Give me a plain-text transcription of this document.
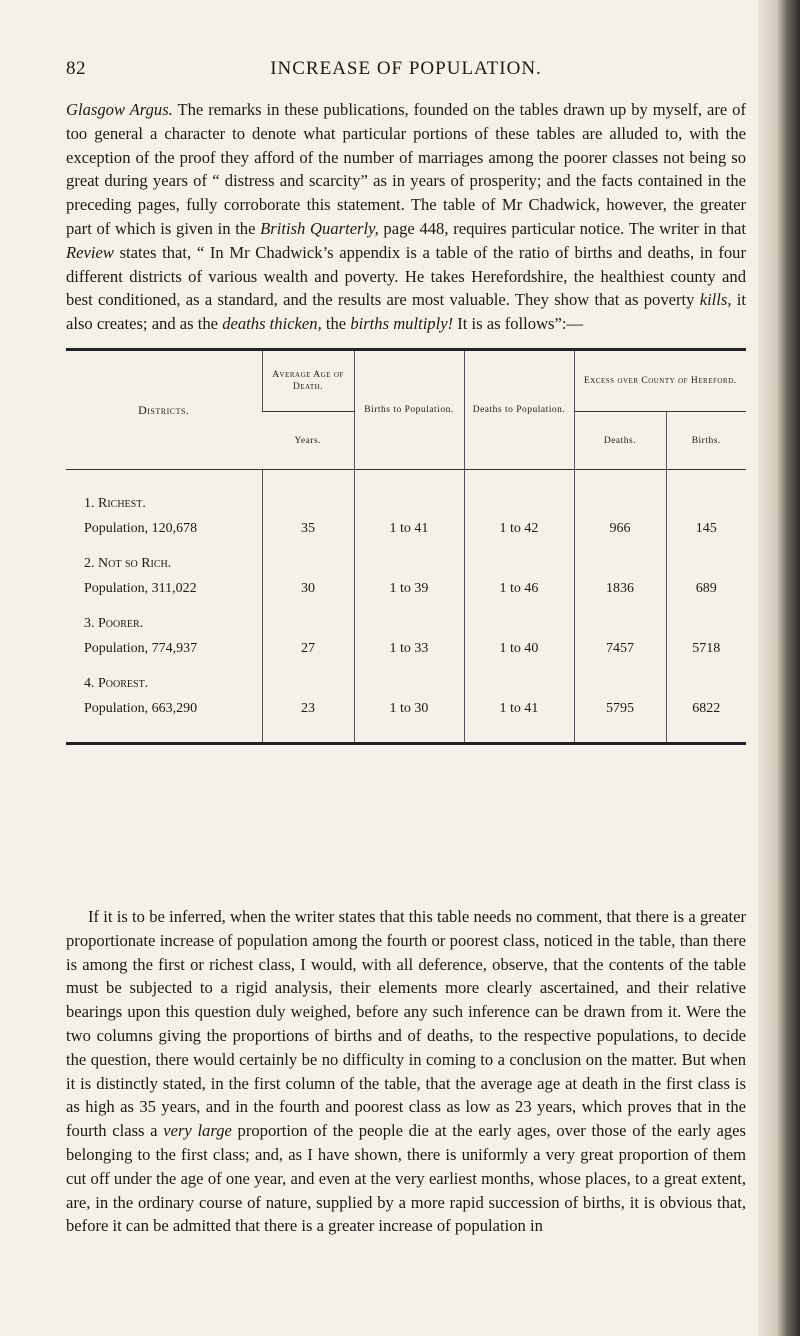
82	INCREASE OF POPULATION.

Glasgow Argus. The remarks in these publications, founded on the tables drawn up by myself, are of too general a character to denote what particular portions of these tables are alluded to, with the exception of the proof they afford of the number of marriages among the poorer classes not being so great during years of “ distress and scarcity” as in years of prosperity; and the facts contained in the preceding pages, fully corroborate this statement. The table of Mr Chadwick, however, the greater part of which is given in the British Quarterly, page 448, requires particular notice. The writer in that Review states that, “ In Mr Chadwick’s appendix is a table of the ratio of births and deaths, in four different districts of various wealth and poverty. He takes Herefordshire, the healthiest county and best conditioned, as a standard, and the results are most valuable. They show that as poverty kills, it also creates; and as the deaths thicken, the births multiply! It is as follows”:—

Districts.	Average Age of Death.	Births to Population.	Deaths to Population.	Excess over County of Hereford.	
	Years.			Deaths.	Births.

1. Richest.					
Population, 120,678	35	1 to 41	1 to 42	966	145
2. Not so Rich.					
Population, 311,022	30	1 to 39	1 to 46	1836	689
3. Poorer.					
Population, 774,937	27	1 to 33	1 to 40	7457	5718
4. Poorest.					
Population, 663,290	23	1 to 30	1 to 41	5795	6822

If it is to be inferred, when the writer states that this table needs no comment, that there is a greater proportionate increase of population among the fourth or poorest class, noticed in the table, than there is among the first or richest class, I would, with all deference, observe, that the contents of the table must be subjected to a rigid analysis, their elements more clearly ascertained, and their relative bearings upon this question duly weighed, before any such inference can be drawn from it. Were the two columns giving the proportions of births and of deaths, to the respective populations, to decide the question, there would certainly be no difficulty in coming to a conclusion on the matter. But when it is distinctly stated, in the first column of the table, that the average age at death in the first class is as high as 35 years, and in the fourth and poorest class as low as 23 years, which proves that in the fourth class a very large proportion of the people die at the early ages, over those of the early ages belonging to the first class; and, as I have shown, there is uniformly a very great proportion of them cut off under the age of one year, and even at the very earliest months, whose places, to a great extent, are, in the ordinary course of nature, supplied by a more rapid succession of births, it is obvious that, before it can be admitted that there is a greater increase of population in
